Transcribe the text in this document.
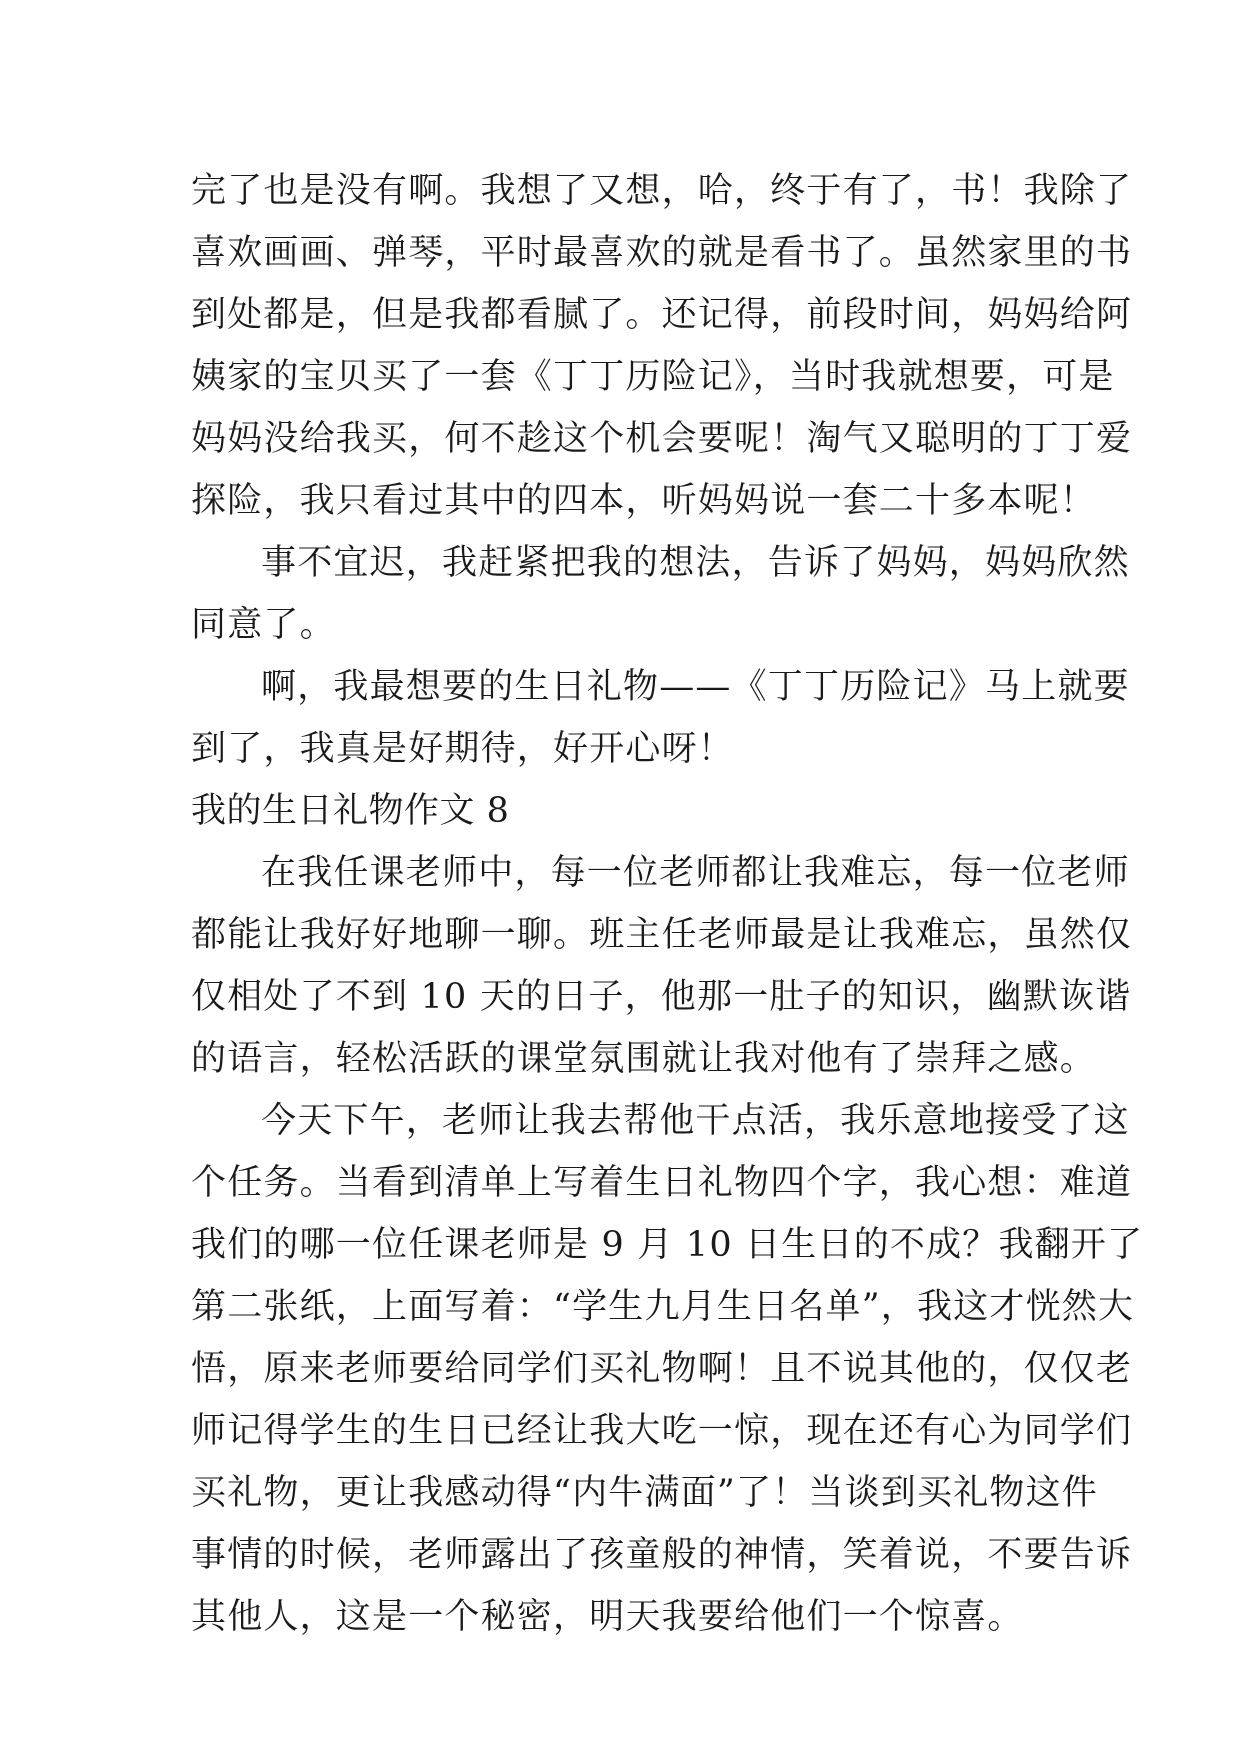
完了也是没有啊。我想了又想，哈，终于有了，书！我除了
喜欢画画、弹琴，平时最喜欢的就是看书了。虽然家里的书
到处都是，但是我都看腻了。还记得，前段时间，妈妈给阿
姨家的宝贝买了一套《丁丁历险记》，当时我就想要，可是
妈妈没给我买，何不趁这个机会要呢！淘气又聪明的丁丁爱
探险，我只看过其中的四本，听妈妈说一套二十多本呢！
事不宜迟，我赶紧把我的想法，告诉了妈妈，妈妈欣然
同意了。
啊，我最想要的生日礼物——《丁丁历险记》马上就要
到了，我真是好期待，好开心呀！
我的生日礼物作文 8
在我任课老师中，每一位老师都让我难忘，每一位老师
都能让我好好地聊一聊。班主任老师最是让我难忘，虽然仅
仅相处了不到 10 天的日子，他那一肚子的知识，幽默诙谐
的语言，轻松活跃的课堂氛围就让我对他有了崇拜之感。
今天下午，老师让我去帮他干点活，我乐意地接受了这
个任务。当看到清单上写着生日礼物四个字，我心想：难道
我们的哪一位任课老师是 9 月 10 日生日的不成？我翻开了
第二张纸，上面写着：“学生九月生日名单”，我这才恍然大
悟，原来老师要给同学们买礼物啊！且不说其他的，仅仅老
师记得学生的生日已经让我大吃一惊，现在还有心为同学们
买礼物，更让我感动得“内牛满面”了！当谈到买礼物这件
事情的时候，老师露出了孩童般的神情，笑着说，不要告诉
其他人，这是一个秘密，明天我要给他们一个惊喜。
